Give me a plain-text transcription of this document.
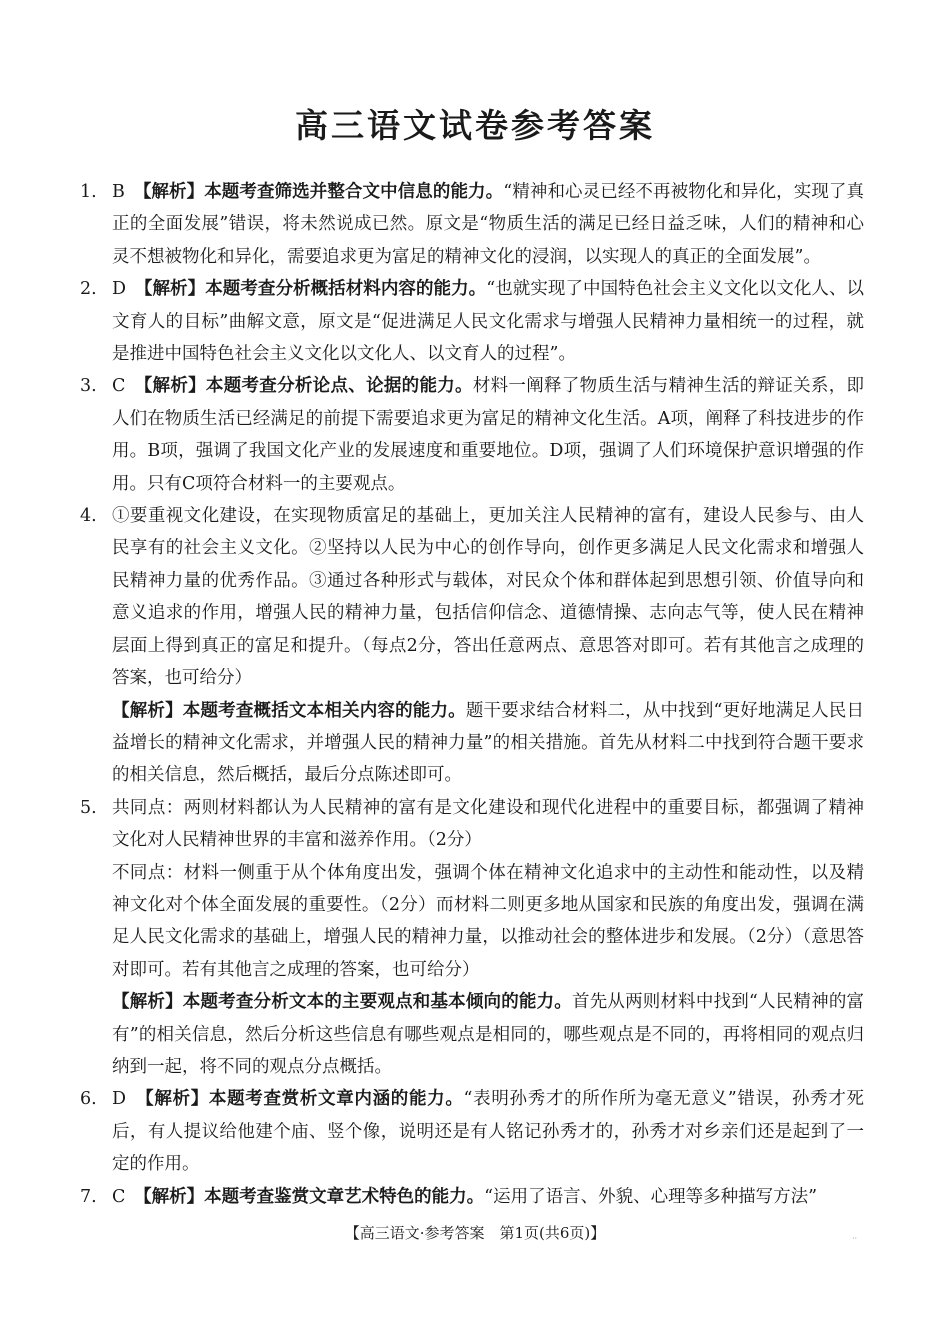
高三语文试卷参考答案
1. B　 【解析】本题考查筛选并整合文中信息的能力。“精神和心灵已经不再被物化和异化，实现了真正的全面发展”错误，将未然说成已然。原文是“物质生活的满足已经日益乏味，人们的精神和心灵不想被物化和异化，需要追求更为富足的精神文化的浸润，以实现人的真正的全面发展”。
2. D　 【解析】本题考查分析概括材料内容的能力。“也就实现了中国特色社会主义文化以文化人、以文育人的目标”曲解文意，原文是“促进满足人民文化需求与增强人民精神力量相统一的过程，就是推进中国特色社会主义文化以文化人、以文育人的过程”。
3. C　 【解析】本题考查分析论点、论据的能力。材料一阐释了物质生活与精神生活的辩证关系，即人们在物质生活已经满足的前提下需要追求更为富足的精神文化生活。A项，阐释了科技进步的作用。B项，强调了我国文化产业的发展速度和重要地位。D项，强调了人们环境保护意识增强的作用。只有C项符合材料一的主要观点。
4. ①要重视文化建设，在实现物质富足的基础上，更加关注人民精神的富有，建设人民参与、由人民享有的社会主义文化。②坚持以人民为中心的创作导向，创作更多满足人民文化需求和增强人民精神力量的优秀作品。③通过各种形式与载体，对民众个体和群体起到思想引领、价值导向和意义追求的作用，增强人民的精神力量，包括信仰信念、道德情操、志向志气等，使人民在精神层面上得到真正的富足和提升。（每点2分，答出任意两点、意思答对即可。若有其他言之成理的答案，也可给分）
【解析】本题考查概括文本相关内容的能力。题干要求结合材料二，从中找到“更好地满足人民日益增长的精神文化需求，并增强人民的精神力量”的相关措施。首先从材料二中找到符合题干要求的相关信息，然后概括，最后分点陈述即可。
5. 共同点：两则材料都认为人民精神的富有是文化建设和现代化进程中的重要目标，都强调了精神文化对人民精神世界的丰富和滋养作用。（2分）
不同点：材料一侧重于从个体角度出发，强调个体在精神文化追求中的主动性和能动性，以及精神文化对个体全面发展的重要性。（2分）而材料二则更多地从国家和民族的角度出发，强调在满足人民文化需求的基础上，增强人民的精神力量，以推动社会的整体进步和发展。（2分）（意思答对即可。若有其他言之成理的答案，也可给分）
【解析】本题考查分析文本的主要观点和基本倾向的能力。首先从两则材料中找到“人民精神的富有”的相关信息，然后分析这些信息有哪些观点是相同的，哪些观点是不同的，再将相同的观点归纳到一起，将不同的观点分点概括。
6. D　 【解析】本题考查赏析文章内涵的能力。“表明孙秀才的所作所为毫无意义”错误，孙秀才死后，有人提议给他建个庙、竖个像，说明还是有人铭记孙秀才的，孙秀才对乡亲们还是起到了一定的作用。
7. C　 【解析】本题考查鉴赏文章艺术特色的能力。“运用了语言、外貌、心理等多种描写方法”
【高三语文·参考答案　第1页(共6页)】	··
